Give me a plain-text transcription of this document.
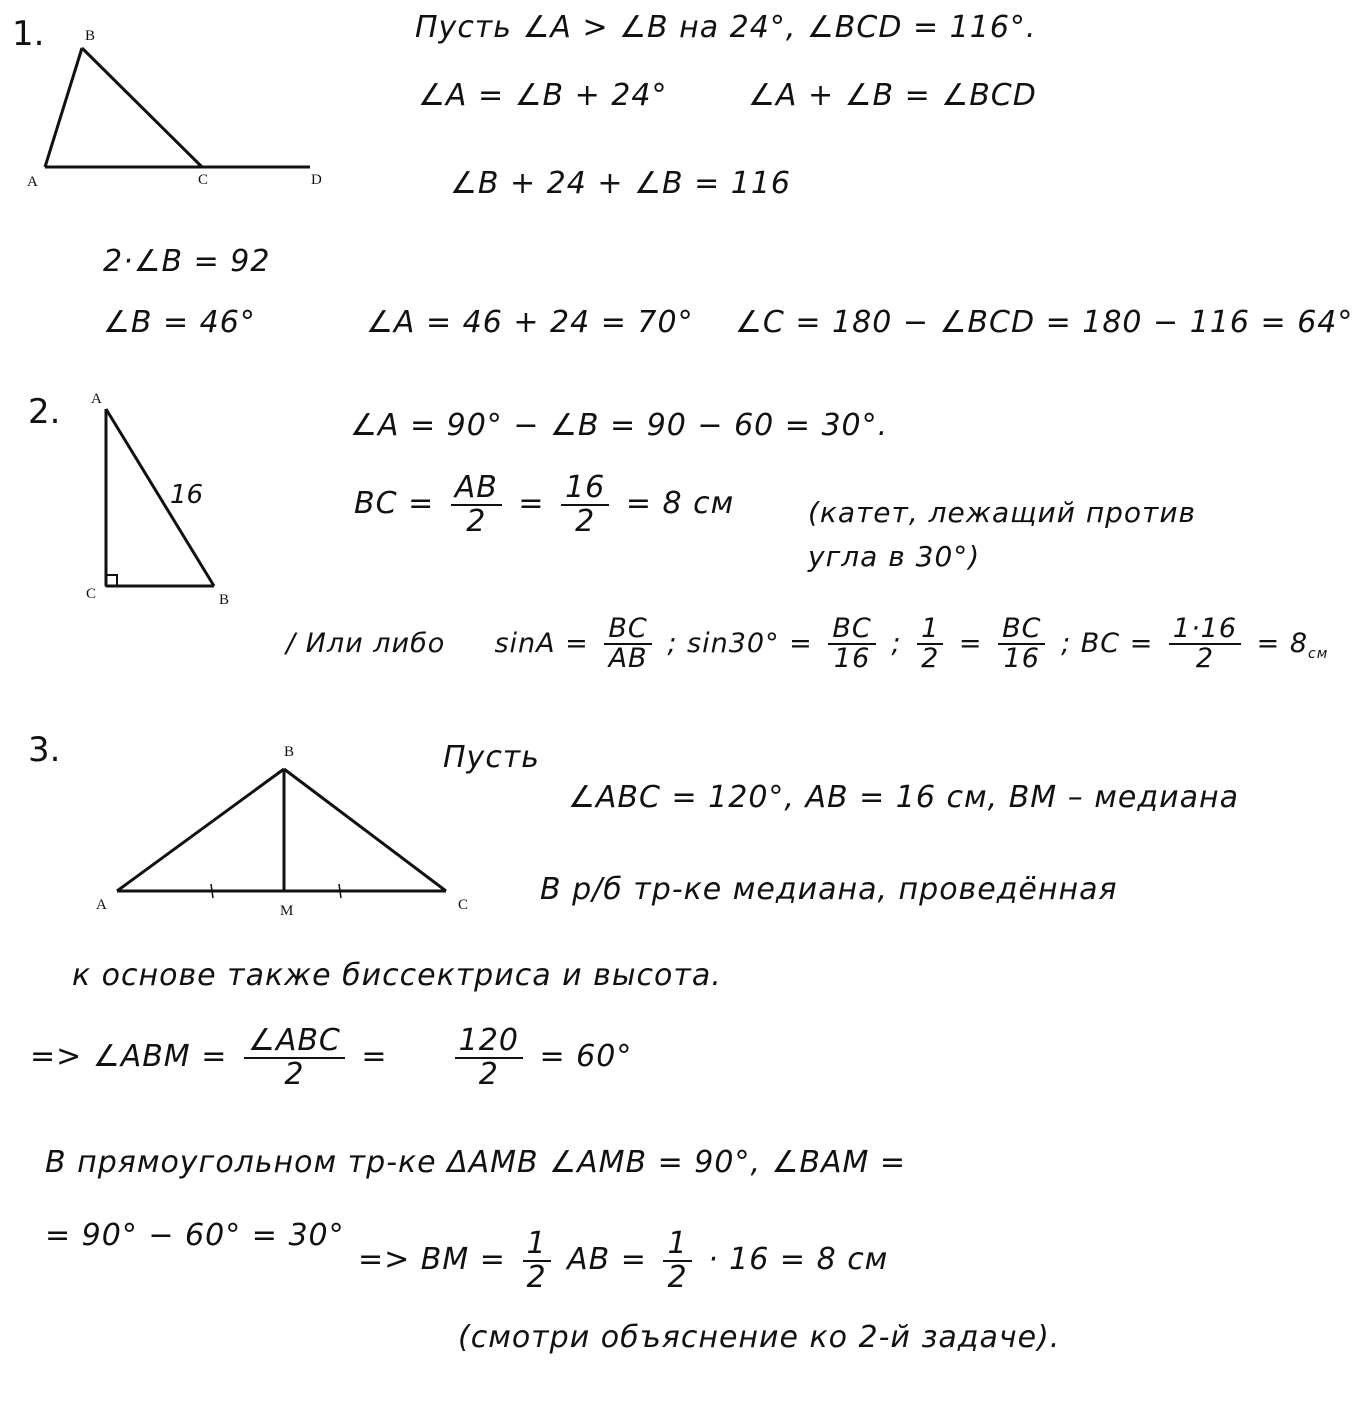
B
A	C	D
A
C	B
16
B
A	M	C
1.	Пусть ∠A > ∠B на 24°, ∠BCD = 116°.
∠A = ∠B + 24°	∠A + ∠B = ∠BCD
∠B + 24 + ∠B = 116
2·∠B = 92
∠B = 46°	∠A = 46 + 24 = 70° ∠C = 180 − ∠BCD = 180 − 116 = 64°
2.	∠A = 90° − ∠B = 90 − 60 = 30°.
BC = $\frac{AB}{2} = \frac{16}{2} = 8$ см	(катет, лежащий против
угла в 30°)
/ Или либо $\sin A = \frac{BC}{AB}$ ; $\sin 30^\circ = \frac{BC}{16}$ ; $\frac{1}{2} = \frac{BC}{16}$ ; BC = $\frac{1\cdot 16}{2} = 8_{см}$
3.	Пусть
∠ABC = 120°, AB = 16 см, BM – медиана
В р/б тр-ке медиана, проведённая
к основе также биссектриса и высота.
=> ∠ABM = $\frac{\text{∠ABC}}{2} = \frac{120}{2} = 60^\circ$
В прямоугольном тр-ке ΔAMB ∠AMB = 90°, ∠BAM =
= 90° − 60° = 30°
=> BM = $\frac{1}{2}$ AB = $\frac{1}{2} \cdot 16 = 8$ см
(смотри объяснение ко 2-й задаче).
